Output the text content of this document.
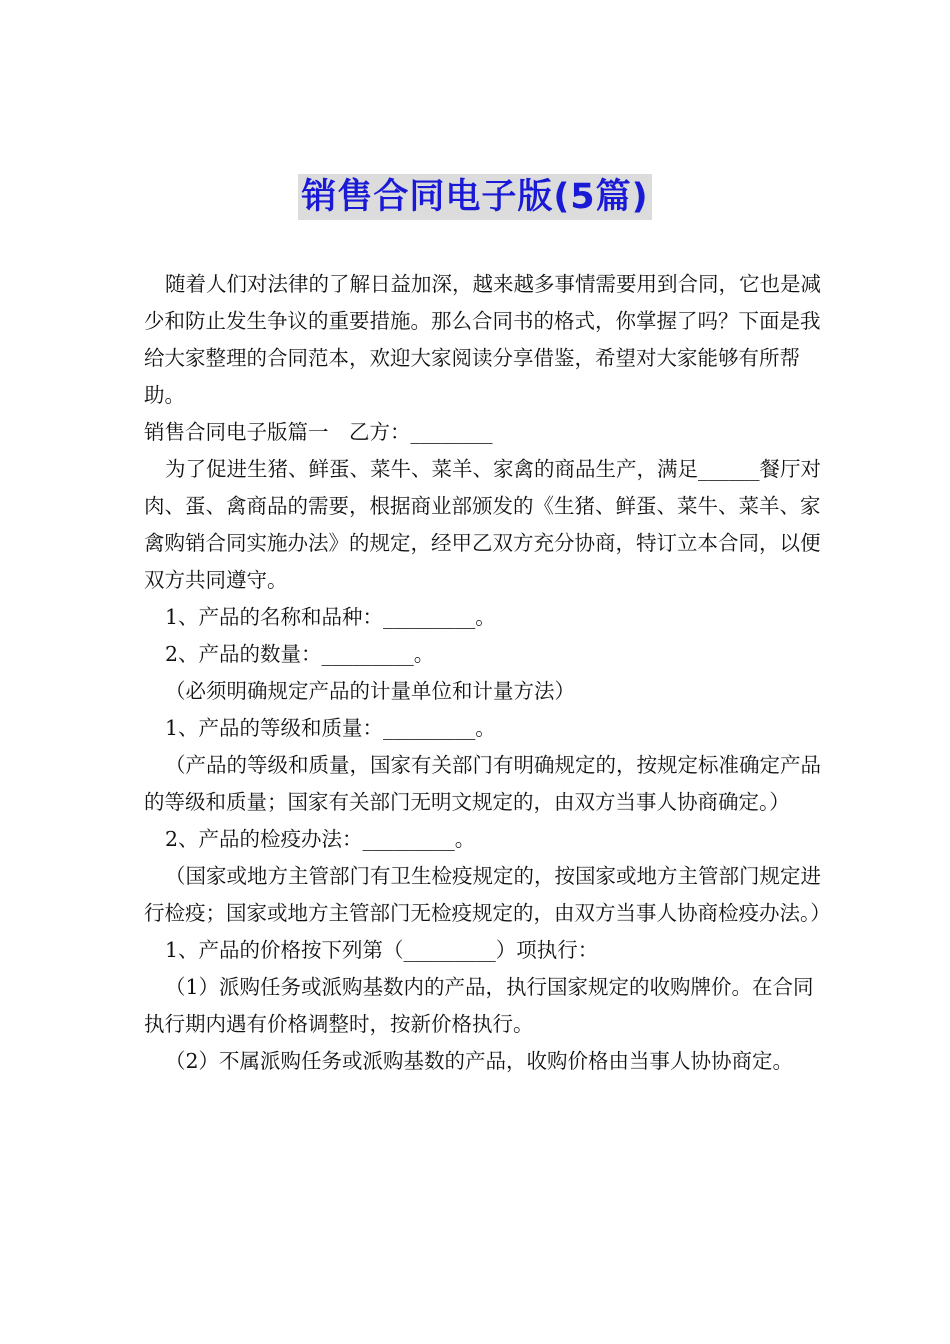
销售合同电子版(5篇)

随着人们对法律的了解日益加深，越来越多事情需要用到合同，它也是减少和防止发生争议的重要措施。那么合同书的格式，你掌握了吗？下面是我给大家整理的合同范本，欢迎大家阅读分享借鉴，希望对大家能够有所帮助。

销售合同电子版篇一　乙方：________

为了促进生猪、鲜蛋、菜牛、菜羊、家禽的商品生产，满足______餐厅对肉、蛋、禽商品的需要，根据商业部颁发的《生猪、鲜蛋、菜牛、菜羊、家禽购销合同实施办法》的规定，经甲乙双方充分协商，特订立本合同，以便双方共同遵守。

1、产品的名称和品种：_________。

2、产品的数量：_________。

（必须明确规定产品的计量单位和计量方法）

1、产品的等级和质量：_________。

（产品的等级和质量，国家有关部门有明确规定的，按规定标准确定产品的等级和质量；国家有关部门无明文规定的，由双方当事人协商确定。）

2、产品的检疫办法：_________。

（国家或地方主管部门有卫生检疫规定的，按国家或地方主管部门规定进行检疫；国家或地方主管部门无检疫规定的，由双方当事人协商检疫办法。）

1、产品的价格按下列第（_________）项执行：

（1）派购任务或派购基数内的产品，执行国家规定的收购牌价。在合同执行期内遇有价格调整时，按新价格执行。

（2）不属派购任务或派购基数的产品，收购价格由当事人协协商定。
